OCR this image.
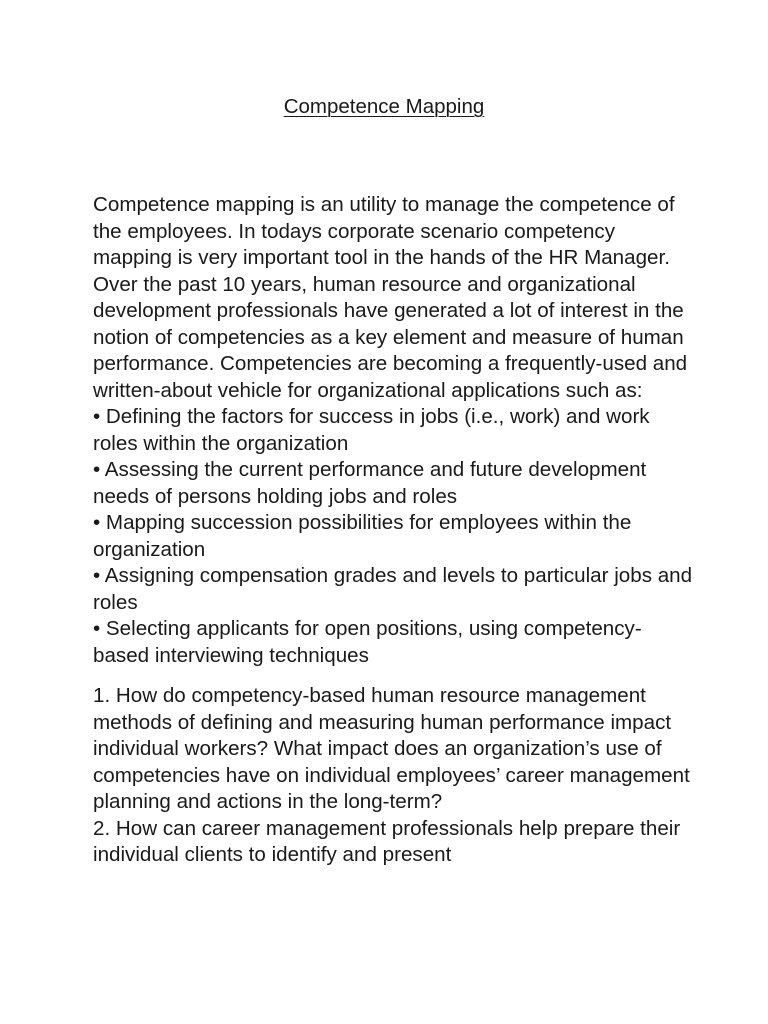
Competence Mapping

Competence mapping is an utility to manage the competence of the employees. In todays corporate scenario competency mapping is very important tool in the hands of the HR Manager. Over the past 10 years, human resource and organizational development professionals have generated a lot of interest in the notion of competencies as a key element and measure of human performance. Competencies are becoming a frequently-used and written-about vehicle for organizational applications such as:

• Defining the factors for success in jobs (i.e., work) and work roles within the organization
• Assessing the current performance and future development needs of persons holding jobs and roles
• Mapping succession possibilities for employees within the organization
• Assigning compensation grades and levels to particular jobs and roles
• Selecting applicants for open positions, using competency-based interviewing techniques
1. How do competency-based human resource management methods of defining and measuring human performance impact individual workers? What impact does an organization’s use of competencies have on individual employees’ career management planning and actions in the long-term?
2. How can career management professionals help prepare their individual clients to identify and present
